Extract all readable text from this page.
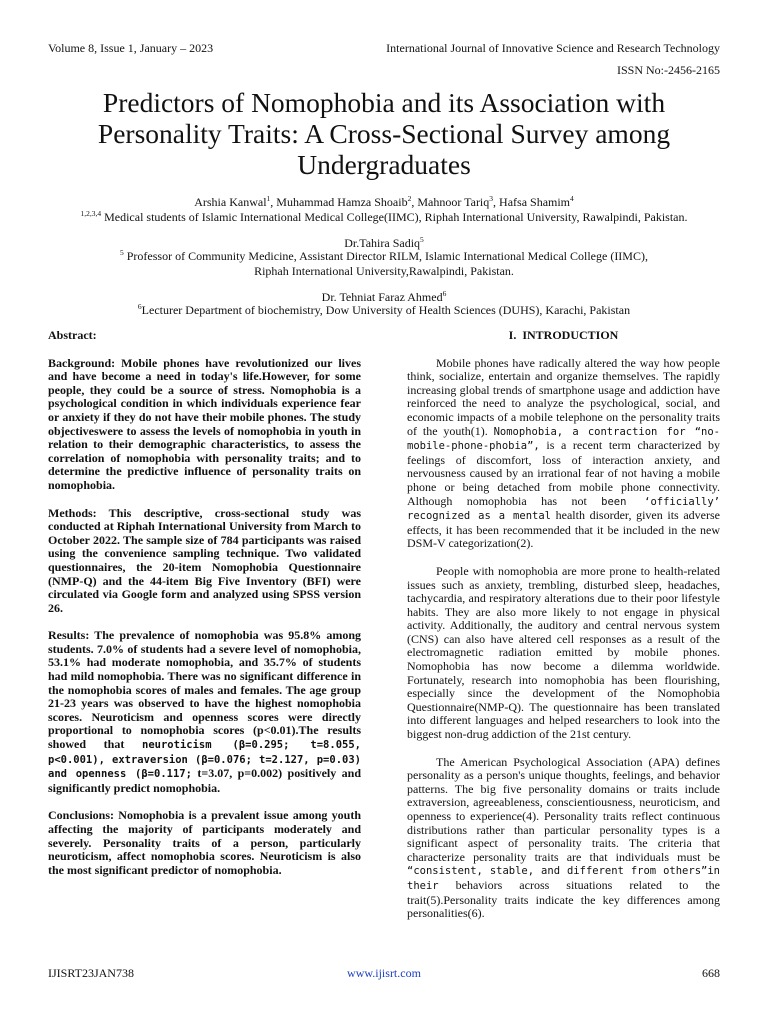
Volume 8, Issue 1, January – 2023	International Journal of Innovative Science and Research Technology
ISSN No:-2456-2165
Predictors of Nomophobia and its Association with Personality Traits: A Cross-Sectional Survey among Undergraduates
Arshia Kanwal$^1$, Muhammad Hamza Shoaib$^2$, Mahnoor Tariq$^3$, Hafsa Shamim$^4$
$^{1,2,3,4}$ Medical students of Islamic International Medical College(IIMC), Riphah International University, Rawalpindi, Pakistan.
Dr.Tahira Sadiq$^5$
$^5$ Professor of Community Medicine, Assistant Director RILM, Islamic International Medical College (IIMC),
Riphah International University,Rawalpindi, Pakistan.
Dr. Tehniat Faraz Ahmed$^6$
$^6$Lecturer Department of biochemistry, Dow University of Health Sciences (DUHS), Karachi, Pakistan

Abstract:

Background: Mobile phones have revolutionized our lives and have become a need in today's life.However, for some people, they could be a source of stress. Nomophobia is a psychological condition in which individuals experience fear or anxiety if they do not have their mobile phones. The study objectiveswere to assess the levels of nomophobia in youth in relation to their demographic characteristics, to assess the correlation of nomophobia with personality traits; and to determine the predictive influence of personality traits on nomophobia.

Methods: This descriptive, cross-sectional study was conducted at Riphah International University from March to October 2022. The sample size of 784 participants was raised using the convenience sampling technique. Two validated questionnaires, the 20-item Nomophobia Questionnaire (NMP-Q) and the 44-item Big Five Inventory (BFI) were circulated via Google form and analyzed using SPSS version 26.

Results: The prevalence of nomophobia was 95.8% among students. 7.0% of students had a severe level of nomophobia, 53.1% had moderate nomophobia, and 35.7% of students had mild nomophobia. There was no significant difference in the nomophobia scores of males and females. The age group 21-23 years was observed to have the highest nomophobia scores. Neuroticism and openness scores were directly proportional to nomophobia scores (p<0.01).The results showed that neuroticism (β=0.295; t=8.055, p<0.001), extraversion (β=0.076; t=2.127, p=0.03) and openness (β=0.117; t=3.07, p=0.002) positively and significantly predict nomophobia.

Conclusions: Nomophobia is a prevalent issue among youth affecting the majority of participants moderately and severely. Personality traits of a person, particularly neuroticism, affect nomophobia scores. Neuroticism is also the most significant predictor of nomophobia.

I.  INTRODUCTION

Mobile phones have radically altered the way how people think, socialize, entertain and organize themselves. The rapidly increasing global trends of smartphone usage and addiction have reinforced the need to analyze the psychological, social, and economic impacts of a mobile telephone on the personality traits of the youth(1). Nomophobia, a contraction for “no-mobile-phone-phobia”, is a recent term characterized by feelings of discomfort, loss of interaction anxiety, and nervousness caused by an irrational fear of not having a mobile phone or being detached from mobile phone connectivity. Although nomophobia has not been ‘officially’ recognized as a mental health disorder, given its adverse effects, it has been recommended that it be included in the new DSM-V categorization(2).

People with nomophobia are more prone to health-related issues such as anxiety, trembling, disturbed sleep, headaches, tachycardia, and respiratory alterations due to their poor lifestyle habits. They are also more likely to not engage in physical activity. Additionally, the auditory and central nervous system (CNS) can also have altered cell responses as a result of the electromagnetic radiation emitted by mobile phones. Nomophobia has now become a dilemma worldwide. Fortunately, research into nomophobia has been flourishing, especially since the development of the Nomophobia Questionnaire(NMP-Q). The questionnaire has been translated into different languages and helped researchers to look into the biggest non-drug addiction of the 21st century.

The American Psychological Association (APA) defines personality as a person's unique thoughts, feelings, and behavior patterns. The big five personality domains or traits include extraversion, agreeableness, conscientiousness, neuroticism, and openness to experience(4). Personality traits reflect continuous distributions rather than particular personality types is a significant aspect of personality traits. The criteria that characterize personality traits are that individuals must be “consistent, stable, and different from others”in their behaviors across situations related to the trait(5).Personality traits indicate the key differences among personalities(6).

IJISRT23JAN738	www.ijisrt.com	668
